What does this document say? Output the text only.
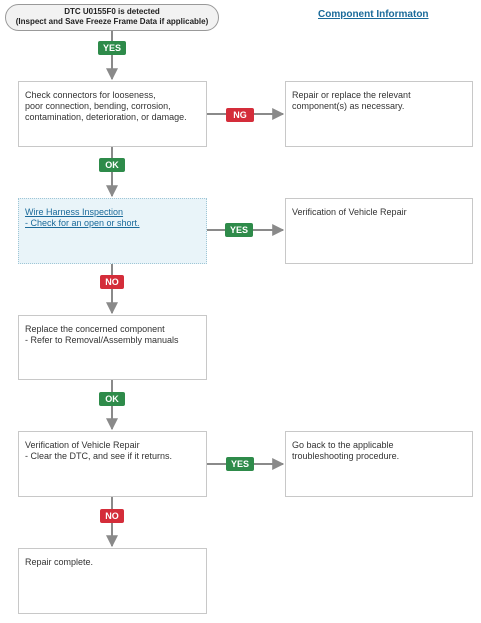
DTC U0155F0 is detected
(Inspect and Save Freeze Frame Data if applicable)
Component Informaton
YES
Check connectors for looseness,
poor connection, bending, corrosion,
contamination, deterioration, or damage.	NG
Repair or replace the relevant
component(s) as necessary.
OK
Wire Harness Inspection
- Check for an open or short.
YES
Verification of Vehicle Repair
NO
Replace the concerned component
- Refer to Removal/Assembly manuals
OK
Verification of Vehicle Repair
- Clear the DTC, and see if it returns.
YES
Go back to the applicable
troubleshooting procedure.
NO
Repair complete.
